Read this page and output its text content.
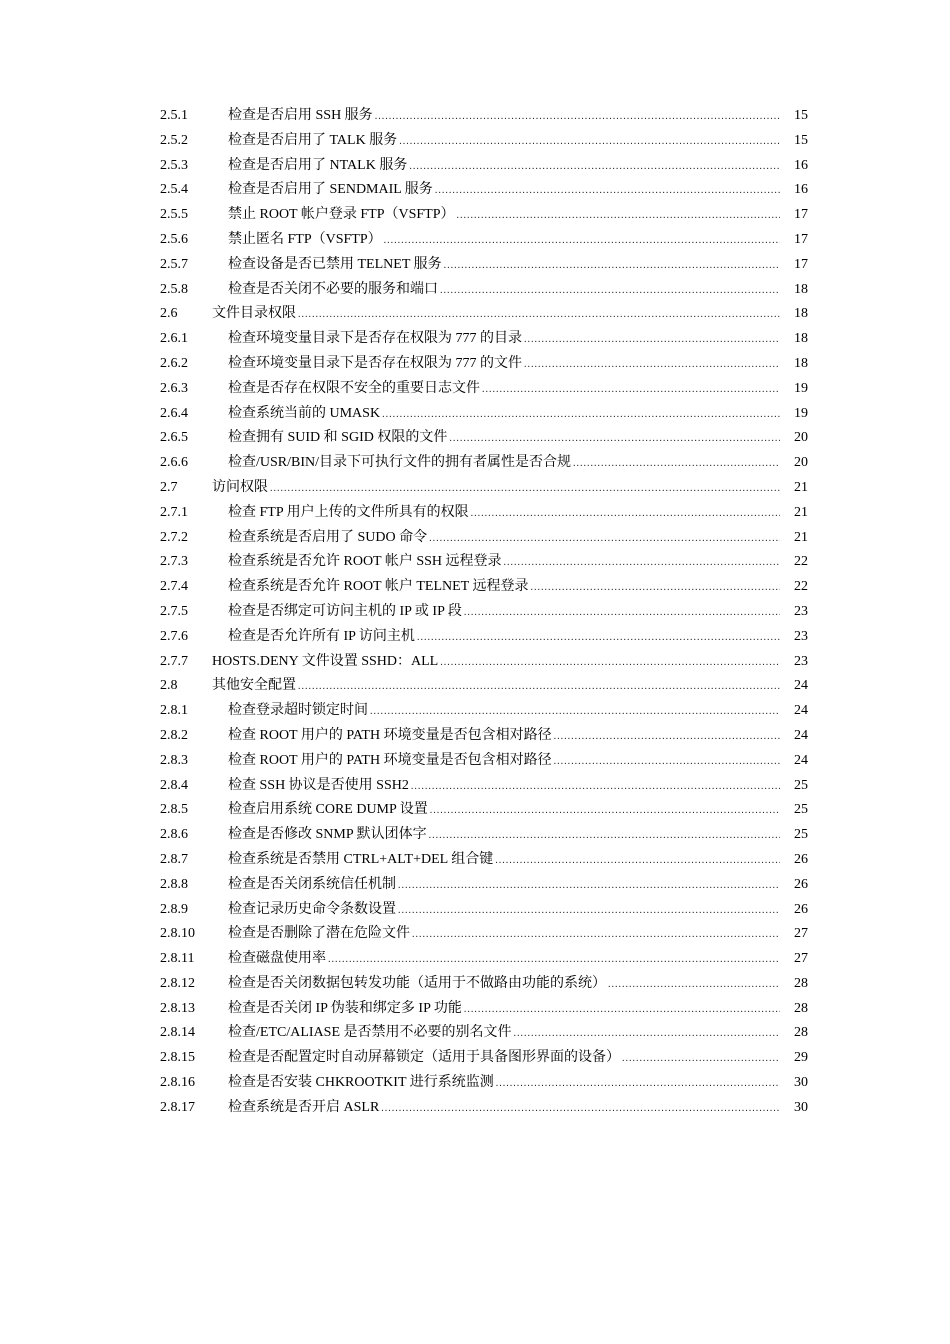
2.5.1	检查是否启用 SSH 服务 .....	15
2.5.2	检查是否启用了 TALK 服务 .....	15
2.5.3	检查是否启用了 NTALK 服务 .....	16
2.5.4	检查是否启用了 SENDMAIL 服务 .....	16
2.5.5	禁止 ROOT 帐户登录 FTP（VSFTP） .....	17
2.5.6	禁止匿名 FTP（VSFTP） .....	17
2.5.7	检查设备是否已禁用 TELNET 服务 .....	17
2.5.8	检查是否关闭不必要的服务和端口 .....	18
2.6 文件目录权限 .....	18
2.6.1	检查环境变量目录下是否存在权限为 777 的目录 .....	18
2.6.2	检查环境变量目录下是否存在权限为 777 的文件 .....	18
2.6.3	检查是否存在权限不安全的重要日志文件 .....	19
2.6.4	检查系统当前的 UMASK .....	19
2.6.5	检查拥有 SUID 和 SGID 权限的文件 .....	20
2.6.6	检查/USR/BIN/目录下可执行文件的拥有者属性是否合规 .....	20
2.7 访问权限 .....	21
2.7.1	检查 FTP 用户上传的文件所具有的权限 .....	21
2.7.2	检查系统是否启用了 SUDO 命令 .....	21
2.7.3	检查系统是否允许 ROOT 帐户 SSH 远程登录 .....	22
2.7.4	检查系统是否允许 ROOT 帐户 TELNET 远程登录 .....	22
2.7.5	检查是否绑定可访问主机的 IP 或 IP 段 .....	23
2.7.6	检查是否允许所有 IP 访问主机 .....	23
2.7.7 HOSTS.DENY 文件设置 SSHD：ALL .....	23
2.8 其他安全配置 .....	24
2.8.1	检查登录超时锁定时间 .....	24
2.8.2	检查 ROOT 用户的 PATH 环境变量是否包含相对路径 .....	24
2.8.3	检查 ROOT 用户的 PATH 环境变量是否包含相对路径 .....	24
2.8.4	检查 SSH 协议是否使用 SSH2 .....	25
2.8.5	检查启用系统 CORE DUMP 设置 .....	25
2.8.6	检查是否修改 SNMP 默认团体字 .....	25
2.8.7	检查系统是否禁用 CTRL+ALT+DEL 组合键 .....	26
2.8.8	检查是否关闭系统信任机制 .....	26
2.8.9	检查记录历史命令条数设置 .....	26
2.8.10 检查是否删除了潜在危险文件 .....	27
2.8.11 检查磁盘使用率 .....	27
2.8.12 检查是否关闭数据包转发功能（适用于不做路由功能的系统） .....	28
2.8.13 检查是否关闭 IP 伪装和绑定多 IP 功能 .....	28
2.8.14 检查/ETC/ALIASE 是否禁用不必要的别名文件 .....	28
2.8.15 检查是否配置定时自动屏幕锁定（适用于具备图形界面的设备） .....	29
2.8.16 检查是否安装 CHKROOTKIT 进行系统监测 .....	30
2.8.17 检查系统是否开启 ASLR .....	30
